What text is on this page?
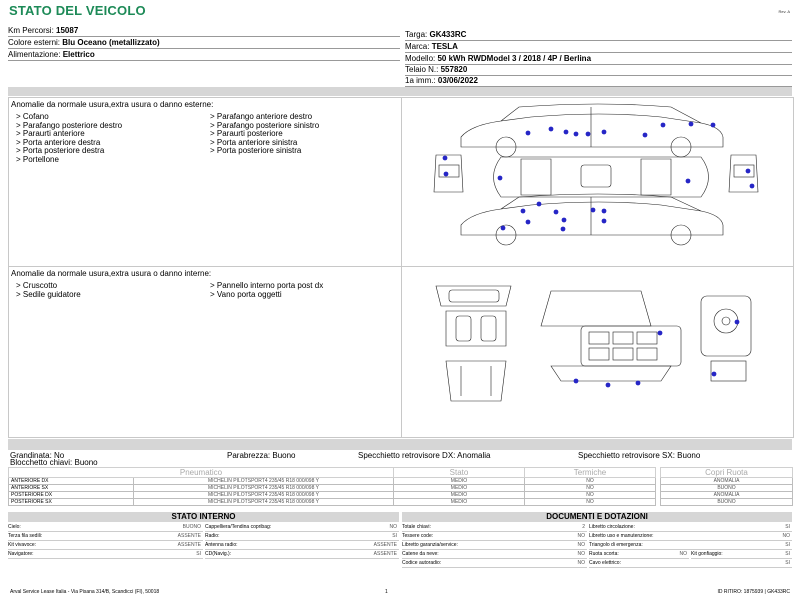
STATO DEL VEICOLO	Rev. A
Km Percorsi: 15087
Colore esterni: Blu Oceano (metallizzato)
Alimentazione: Elettrico
Targa: GK433RC
Marca: TESLA
Modello: 50 kWh RWDModel 3 / 2018 / 4P / Berlina
Telaio N.: 557820
1a imm.: 03/06/2022
Anomalie da normale usura,extra usura o danno esterne:
> Cofano
> Parafango posteriore destro
> Paraurti anteriore
> Porta anteriore destra
> Porta posteriore destra
> Portellone
> Parafango anteriore destro
> Parafango posteriore sinistro
> Paraurti posteriore
> Porta anteriore sinistra
> Porta posteriore sinistra
Anomalie da normale usura,extra usura o danno interne:
> Cruscotto
> Sedile guidatore
> Pannello interno porta post dx
> Vano porta oggetti
Grandinata: No	Parabrezza: Buono	Specchietto retrovisore DX: Anomalia	Specchietto retrovisore SX: Buono
Blocchetto chiavi: Buono
Pneumatico		Stato	Termiche		Copri Ruota
ANTERIORE DX	MICHELIN PILOTSPORT4 235/45 R18 000/098 Y	MEDIO	NO		ANOMALIA
ANTERIORE SX	MICHELIN PILOTSPORT4 235/45 R18 000/098 Y	MEDIO	NO		BUONO
POSTERIORE DX	MICHELIN PILOTSPORT4 235/45 R18 000/098 Y	MEDIO	NO		ANOMALIA
POSTERIORE SX	MICHELIN PILOTSPORT4 235/45 R18 000/098 Y	MEDIO	NO		BUONO
STATO INTERNO
Cielo:	BUONO
Terza fila sedili:	ASSENTE
Kit vivavoce:	ASSENTE
Navigatore:	SI
Cappelliera/Tendina copribag:	NO
Radio:	SI
Antenna radio:	ASSENTE
CD(Navig.):	ASSENTE
DOCUMENTI E DOTAZIONI
Totale chiavi:	2
Tessere code:	NO
Libretto garanzia/service:	NO
Catene da neve:	NO
Codice autoradio:	NO
Libretto circolazione:	SI
Libretto uso e manutenzione:	NO
Triangolo di emergenza:	SI
Ruota scorta:	NO Kit gonfiaggio:	SI
Cavo elettrico:	SI
Arval Service Lease Italia - Via Pisana 314/B, Scandicci (FI), 50018	1	ID RITIRO: 1875939 | GK433RC
